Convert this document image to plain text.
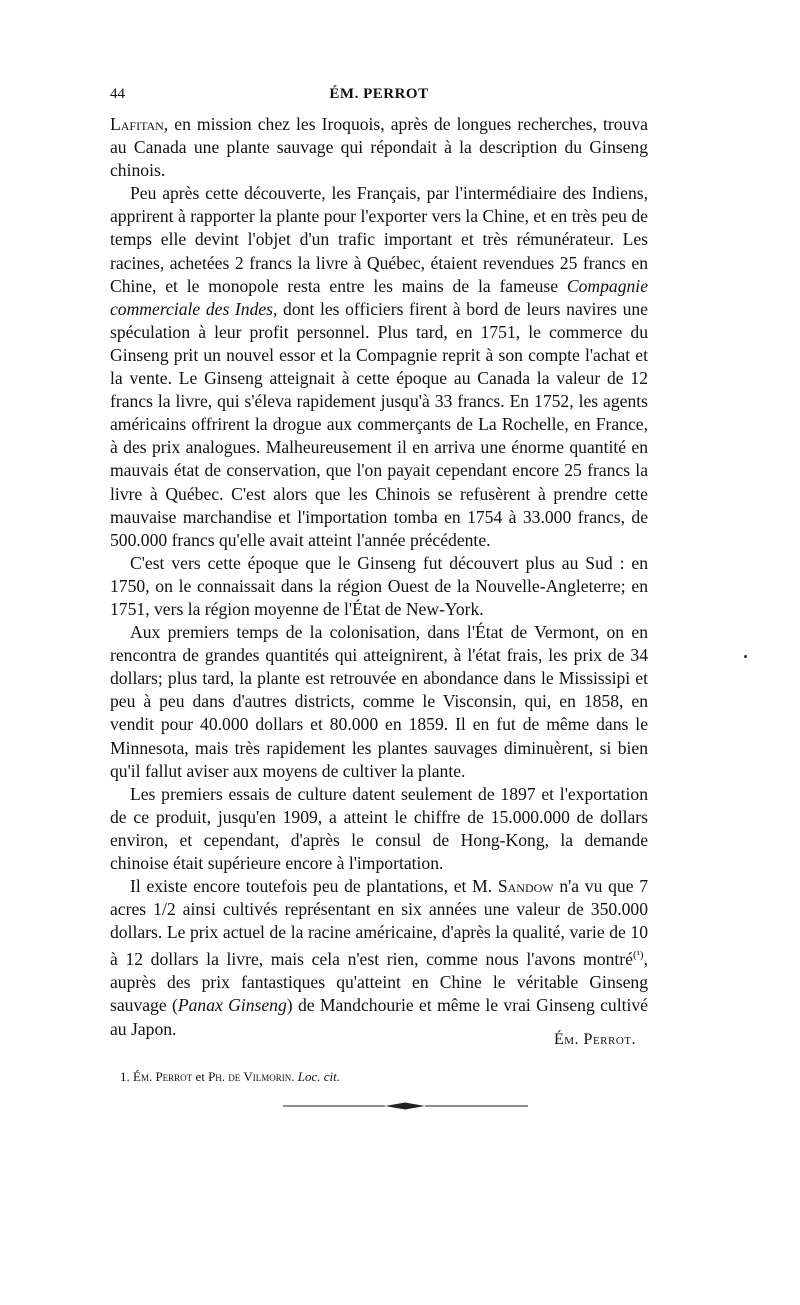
44	ÉM. PERROT

Lafitan, en mission chez les Iroquois, après de longues recherches, trouva au Canada une plante sauvage qui répondait à la description du Ginseng chinois.

Peu après cette découverte, les Français, par l'intermédiaire des Indiens, apprirent à rapporter la plante pour l'exporter vers la Chine, et en très peu de temps elle devint l'objet d'un trafic important et très rémunérateur. Les racines, achetées 2 francs la livre à Québec, étaient revendues 25 francs en Chine, et le monopole resta entre les mains de la fameuse Compagnie commerciale des Indes, dont les officiers firent à bord de leurs navires une spéculation à leur profit personnel. Plus tard, en 1751, le commerce du Ginseng prit un nouvel essor et la Compagnie reprit à son compte l'achat et la vente. Le Ginseng atteignait à cette époque au Canada la valeur de 12 francs la livre, qui s'éleva rapidement jusqu'à 33 francs. En 1752, les agents américains offrirent la drogue aux commerçants de La Rochelle, en France, à des prix analogues. Malheureusement il en arriva une énorme quantité en mauvais état de conservation, que l'on payait cependant encore 25 francs la livre à Québec. C'est alors que les Chinois se refusèrent à prendre cette mauvaise marchandise et l'importation tomba en 1754 à 33.000 francs, de 500.000 francs qu'elle avait atteint l'année précédente.

C'est vers cette époque que le Ginseng fut découvert plus au Sud : en 1750, on le connaissait dans la région Ouest de la Nouvelle-Angleterre; en 1751, vers la région moyenne de l'État de New-York.

Aux premiers temps de la colonisation, dans l'État de Vermont, on en rencontra de grandes quantités qui atteignirent, à l'état frais, les prix de 34 dollars; plus tard, la plante est retrouvée en abondance dans le Mississipi et peu à peu dans d'autres districts, comme le Visconsin, qui, en 1858, en vendit pour 40.000 dollars et 80.000 en 1859. Il en fut de même dans le Minnesota, mais très rapidement les plantes sauvages diminuèrent, si bien qu'il fallut aviser aux moyens de cultiver la plante.

Les premiers essais de culture datent seulement de 1897 et l'exportation de ce produit, jusqu'en 1909, a atteint le chiffre de 15.000.000 de dollars environ, et cependant, d'après le consul de Hong-Kong, la demande chinoise était supérieure encore à l'importation.

Il existe encore toutefois peu de plantations, et M. Sandow n'a vu que 7 acres 1/2 ainsi cultivés représentant en six années une valeur de 350.000 dollars. Le prix actuel de la racine américaine, d'après la qualité, varie de 10 à 12 dollars la livre, mais cela n'est rien, comme nous l'avons montré$^{(^1)}$, auprès des prix fantastiques qu'atteint en Chine le véritable Ginseng sauvage (Panax Ginseng) de Mandchourie et même le vrai Ginseng cultivé au Japon.

Ém. Perrot.
1. Ém. Perrot et Ph. de Vilmorin. Loc. cit.
